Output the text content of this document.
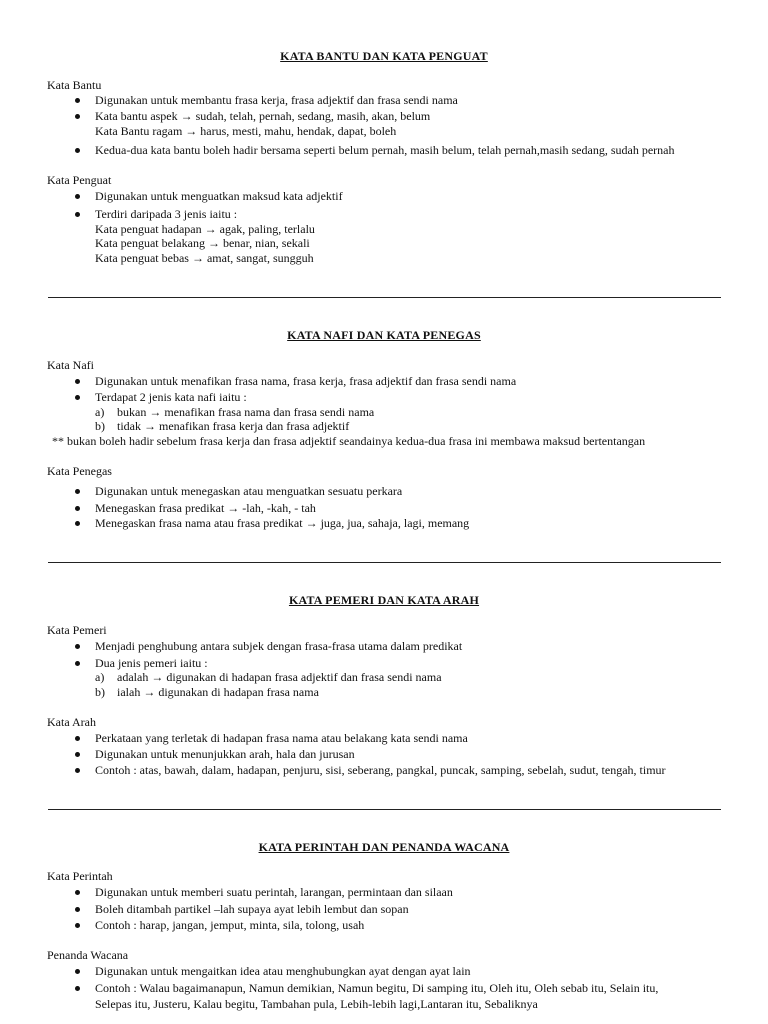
KATA BANTU DAN KATA PENGUAT
Kata Bantu
Digunakan untuk membantu frasa kerja, frasa adjektif dan frasa sendi nama
Kata bantu aspek → sudah, telah, pernah, sedang, masih, akan, belum
Kata Bantu ragam → harus, mesti, mahu, hendak, dapat, boleh
Kedua-dua kata bantu boleh hadir bersama seperti belum pernah, masih belum, telah pernah,masih sedang, sudah pernah
Kata Penguat
Digunakan untuk menguatkan maksud kata adjektif
Terdiri daripada 3 jenis iaitu :
Kata penguat hadapan → agak, paling, terlalu
Kata penguat belakang → benar, nian, sekali
Kata penguat bebas → amat, sangat, sungguh
KATA NAFI DAN KATA PENEGAS
Kata Nafi
Digunakan untuk menafikan frasa nama, frasa kerja, frasa adjektif dan frasa sendi nama
Terdapat 2 jenis kata nafi iaitu :
a) bukan → menafikan frasa nama dan frasa sendi nama
b) tidak → menafikan frasa kerja dan frasa adjektif
** bukan boleh hadir sebelum frasa kerja dan frasa adjektif seandainya kedua-dua frasa ini membawa maksud bertentangan
Kata Penegas
Digunakan untuk menegaskan atau menguatkan sesuatu perkara
Menegaskan frasa predikat → -lah, -kah, - tah
Menegaskan frasa nama atau frasa predikat → juga, jua, sahaja, lagi, memang
KATA PEMERI DAN KATA ARAH
Kata Pemeri
Menjadi penghubung antara subjek dengan frasa-frasa utama dalam predikat
Dua jenis pemeri iaitu :
a) adalah → digunakan di hadapan frasa adjektif dan frasa sendi nama
b) ialah → digunakan di hadapan frasa nama
Kata Arah
Perkataan yang terletak di hadapan frasa nama atau belakang kata sendi nama
Digunakan untuk menunjukkan arah, hala dan jurusan
Contoh : atas, bawah, dalam, hadapan, penjuru, sisi, seberang, pangkal, puncak, samping, sebelah, sudut, tengah, timur
KATA PERINTAH DAN PENANDA WACANA
Kata Perintah
Digunakan untuk memberi suatu perintah, larangan, permintaan dan silaan
Boleh ditambah partikel –lah supaya ayat lebih lembut dan sopan
Contoh : harap, jangan, jemput, minta, sila, tolong, usah
Penanda Wacana
Digunakan untuk mengaitkan idea atau menghubungkan ayat dengan ayat lain
Contoh : Walau bagaimanapun, Namun demikian, Namun begitu, Di samping itu, Oleh itu, Oleh sebab itu, Selain itu,
Selepas itu, Justeru, Kalau begitu, Tambahan pula, Lebih-lebih lagi,Lantaran itu, Sebaliknya
